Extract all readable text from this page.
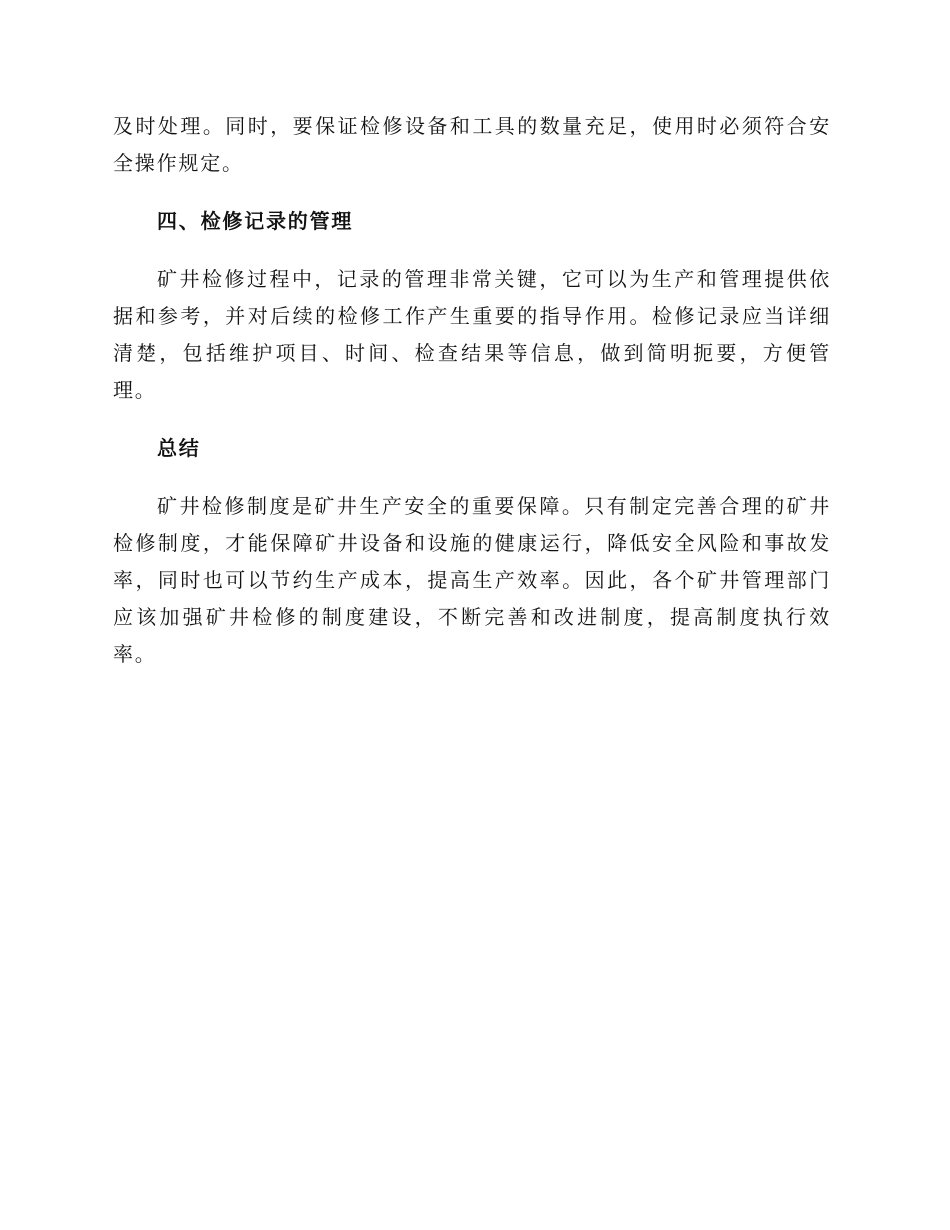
及时处理。同时，要保证检修设备和工具的数量充足，使用时必须符合安全操作规定。

四、检修记录的管理

矿井检修过程中，记录的管理非常关键，它可以为生产和管理提供依据和参考，并对后续的检修工作产生重要的指导作用。检修记录应当详细清楚，包括维护项目、时间、检查结果等信息，做到简明扼要，方便管理。

总结

矿井检修制度是矿井生产安全的重要保障。只有制定完善合理的矿井检修制度，才能保障矿井设备和设施的健康运行，降低安全风险和事故发率，同时也可以节约生产成本，提高生产效率。因此，各个矿井管理部门应该加强矿井检修的制度建设，不断完善和改进制度，提高制度执行效率。
